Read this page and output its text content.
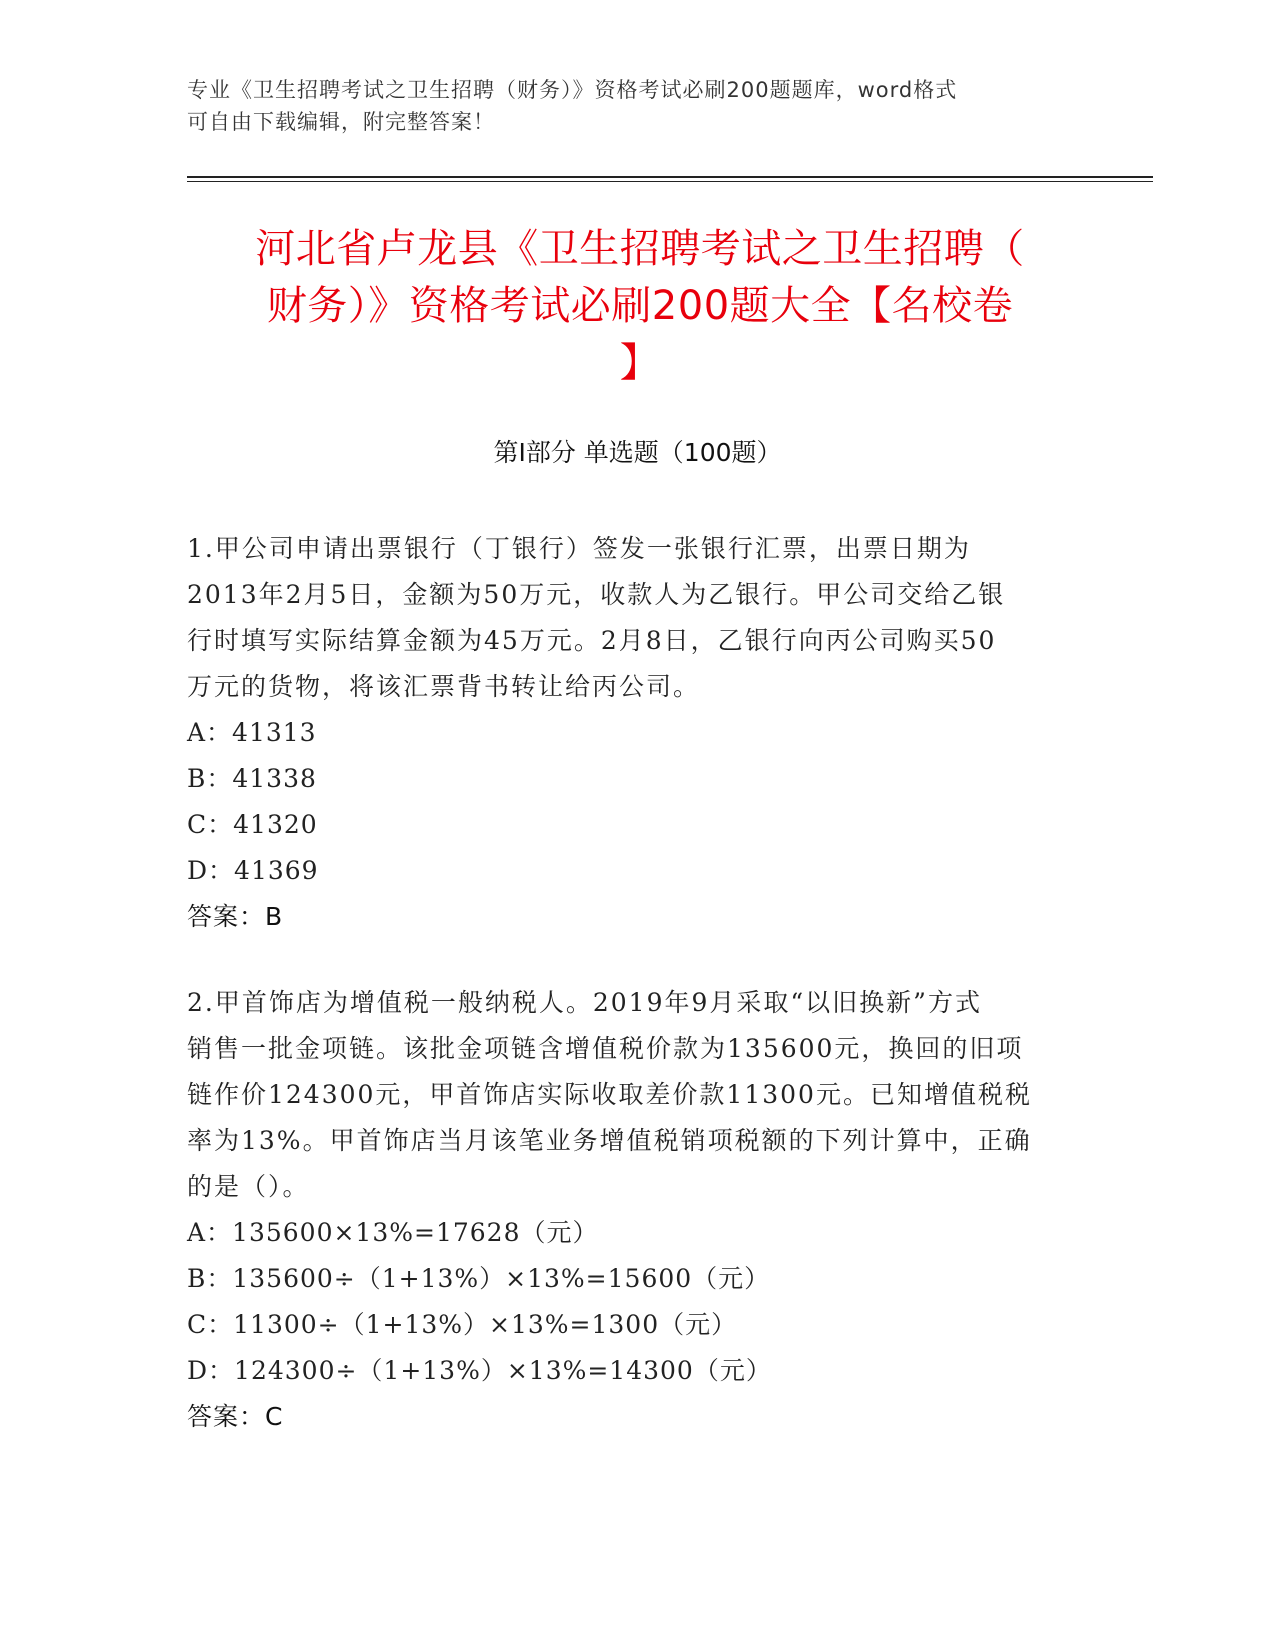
专业《卫生招聘考试之卫生招聘（财务）》资格考试必刷200题题库，word格式
可自由下载编辑，附完整答案！
河北省卢龙县《卫生招聘考试之卫生招聘（
财务）》资格考试必刷200题大全【名校卷
】
第Ⅰ部分 单选题（100题）
1.甲公司申请出票银行（丁银行）签发一张银行汇票，出票日期为
2013年2月5日，金额为50万元，收款人为乙银行。甲公司交给乙银
行时填写实际结算金额为45万元。2月8日，乙银行向丙公司购买50
万元的货物，将该汇票背书转让给丙公司。
A：41313
B：41338
C：41320
D：41369
答案：B
2.甲首饰店为增值税一般纳税人。2019年9月采取“以旧换新”方式
销售一批金项链。该批金项链含增值税价款为135600元，换回的旧项
链作价124300元，甲首饰店实际收取差价款11300元。已知增值税税
率为13%。甲首饰店当月该笔业务增值税销项税额的下列计算中，正确
的是（）。
A：135600×13%=17628（元）
B：135600÷（1+13%）×13%=15600（元）
C：11300÷（1+13%）×13%=1300（元）
D：124300÷（1+13%）×13%=14300（元）
答案：C
